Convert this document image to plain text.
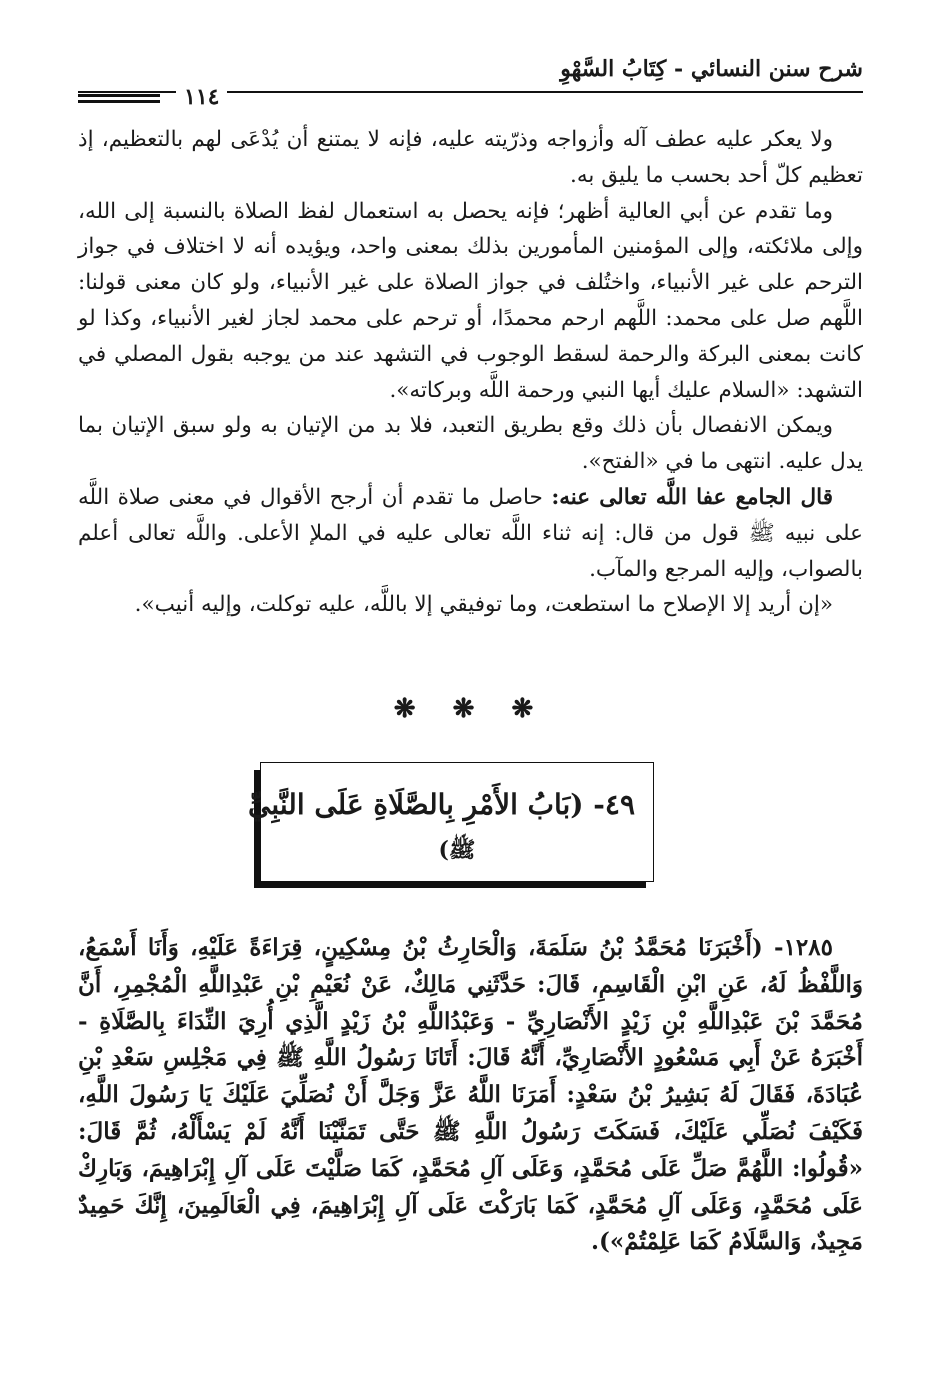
شرح سنن النسائي - كِتَابُ السَّهْوِ
١١٤

ولا يعكر عليه عطف آله وأزواجه وذرّيته عليه، فإنه لا يمتنع أن يُدْعَى لهم بالتعظيم، إذ تعظيم كلّ أحد بحسب ما يليق به.

وما تقدم عن أبي العالية أظهر؛ فإنه يحصل به استعمال لفظ الصلاة بالنسبة إلى الله، وإلى ملائكته، وإلى المؤمنين المأمورين بذلك بمعنى واحد، ويؤيده أنه لا اختلاف في جواز الترحم على غير الأنبياء، واختُلف في جواز الصلاة على غير الأنبياء، ولو كان معنى قولنا: اللَّهم صل على محمد: اللَّهم ارحم محمدًا، أو ترحم على محمد لجاز لغير الأنبياء، وكذا لو كانت بمعنى البركة والرحمة لسقط الوجوب في التشهد عند من يوجبه بقول المصلي في التشهد: «السلام عليك أيها النبي ورحمة اللَّه وبركاته».

ويمكن الانفصال بأن ذلك وقع بطريق التعبد، فلا بد من الإتيان به ولو سبق الإتيان بما يدل عليه. انتهى ما في «الفتح».

قال الجامع عفا اللَّه تعالى عنه: حاصل ما تقدم أن أرجح الأقوال في معنى صلاة اللَّه على نبيه ﷺ قول من قال: إنه ثناء اللَّه تعالى عليه في الملإ الأعلى. واللَّه تعالى أعلم بالصواب، وإليه المرجع والمآب.

«إن أريد إلا الإصلاح ما استطعت، وما توفيقي إلا باللَّه، عليه توكلت، وإليه أنيب».

❋ ❋ ❋
٤٩- (بَابُ الأَمْرِ بِالصَّلَاةِ عَلَى النَّبِيِّ
ﷺ)

١٢٨٥- (أَخْبَرَنَا مُحَمَّدُ بْنُ سَلَمَةَ، وَالْحَارِثُ بْنُ مِسْكِينٍ، قِرَاءَةً عَلَيْهِ، وَأَنَا أَسْمَعُ، وَاللَّفْظُ لَهُ، عَنِ ابْنِ الْقَاسِمِ، قَالَ: حَدَّثَنِي مَالِكٌ، عَنْ نُعَيْمِ بْنِ عَبْدِاللَّهِ الْمُجْمِرِ، أَنَّ مُحَمَّدَ بْنَ عَبْدِاللَّهِ بْنِ زَيْدٍ الأَنْصَارِيِّ - وَعَبْدُاللَّهِ بْنُ زَيْدٍ الَّذِي أُرِيَ النِّدَاءَ بِالصَّلَاةِ - أَخْبَرَهُ عَنْ أَبِي مَسْعُودٍ الأَنْصَارِيِّ، أَنَّهُ قَالَ: أَتَانَا رَسُولُ اللَّهِ ﷺ فِي مَجْلِسِ سَعْدِ بْنِ عُبَادَةَ، فَقَالَ لَهُ بَشِيرُ بْنُ سَعْدٍ: أَمَرَنَا اللَّهُ عَزَّ وَجَلَّ أَنْ نُصَلِّيَ عَلَيْكَ يَا رَسُولَ اللَّهِ، فَكَيْفَ نُصَلِّي عَلَيْكَ، فَسَكَتَ رَسُولُ اللَّهِ ﷺ حَتَّى تَمَنَّيْنَا أَنَّهُ لَمْ يَسْأَلْهُ، ثُمَّ قَالَ: «قُولُوا: اللَّهُمَّ صَلِّ عَلَى مُحَمَّدٍ، وَعَلَى آلِ مُحَمَّدٍ، كَمَا صَلَّيْتَ عَلَى آلِ إِبْرَاهِيمَ، وَبَارِكْ عَلَى مُحَمَّدٍ، وَعَلَى آلِ مُحَمَّدٍ، كَمَا بَارَكْتَ عَلَى آلِ إِبْرَاهِيمَ، فِي الْعَالَمِينَ، إِنَّكَ حَمِيدٌ مَجِيدٌ، وَالسَّلَامُ كَمَا عَلِمْتُمْ»).
